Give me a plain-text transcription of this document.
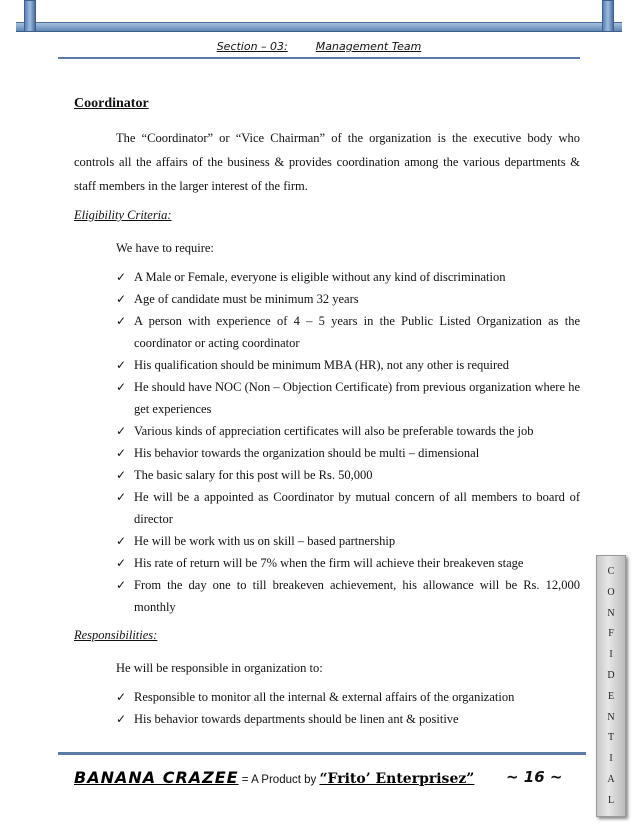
Section – 03:	Management Team
Coordinator

The “Coordinator” or “Vice Chairman” of the organization is the executive body who controls all the affairs of the business & provides coordination among the various departments & staff members in the larger interest of the firm.

Eligibility Criteria:
We have to require:
✓ A Male or Female, everyone is eligible without any kind of discrimination
✓ Age of candidate must be minimum 32 years
✓ A person with experience of 4 – 5 years in the Public Listed Organization as the coordinator or acting coordinator
✓ His qualification should be minimum MBA (HR), not any other is required
✓ He should have NOC (Non – Objection Certificate) from previous organization where he get experiences
✓ Various kinds of appreciation certificates will also be preferable towards the job
✓ His behavior towards the organization should be multi – dimensional
✓ The basic salary for this post will be Rs. 50,000
✓ He will be a appointed as Coordinator by mutual concern of all members to board of director
✓ He will be work with us on skill – based partnership
✓ His rate of return will be 7% when the firm will achieve their breakeven stage
✓ From the day one to till breakeven achievement, his allowance will be Rs. 12,000 monthly
Responsibilities:
He will be responsible in organization to:
✓ Responsible to monitor all the internal & external affairs of the organization
✓ His behavior towards departments should be linen ant & positive
C
O
N
F
I
D
E
N
T
I
A
L
BANANA CRAZEE = A Product by “Frito’ Enterprisez” ~ 16 ~
